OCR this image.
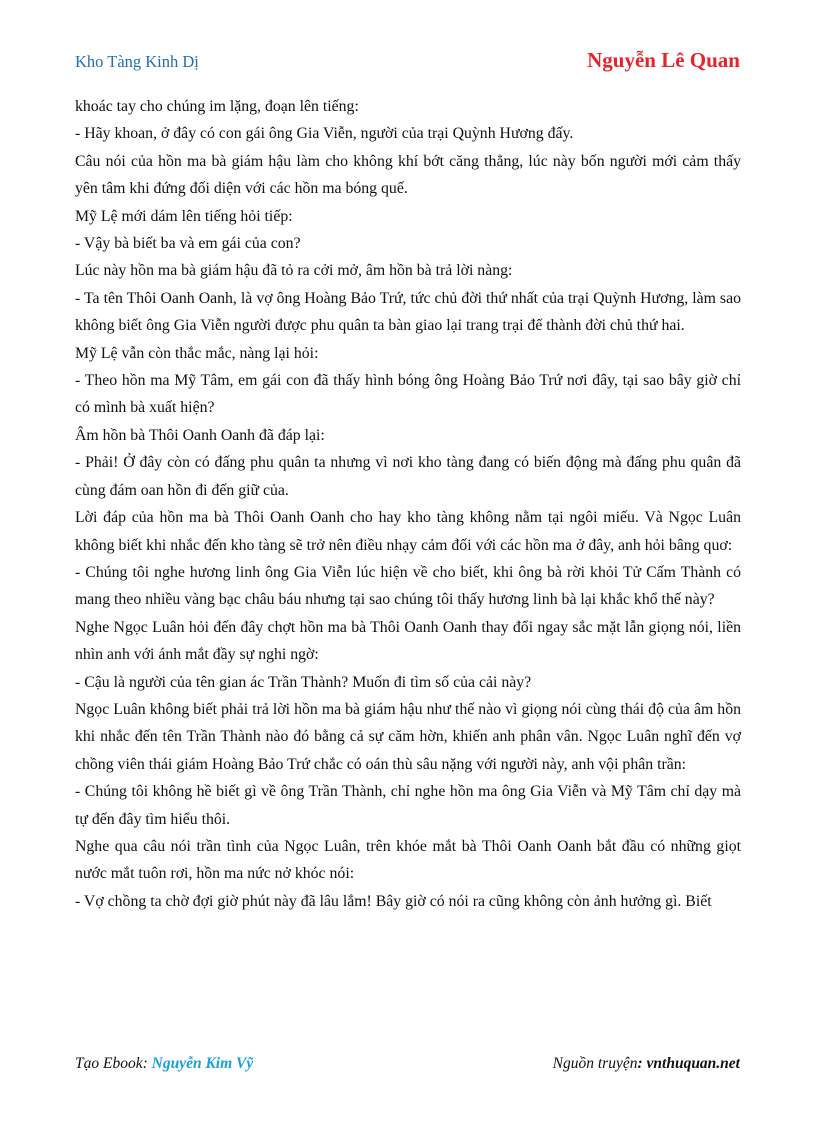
Kho Tàng Kinh Dị	Nguyễn Lê Quan

khoác tay cho chúng im lặng, đoạn lên tiếng:

- Hãy khoan, ở đây có con gái ông Gia Viễn, người của trại Quỳnh Hương đấy.

Câu nói của hồn ma bà giám hậu làm cho không khí bớt căng thẳng, lúc này bốn người mới cảm thấy yên tâm khi đứng đối diện với các hồn ma bóng quế.

Mỹ Lệ mới dám lên tiếng hỏi tiếp:

- Vậy bà biết ba và em gái của con?

Lúc này hồn ma bà giám hậu đã tỏ ra cởi mở, âm hồn bà trả lời nàng:

- Ta tên Thôi Oanh Oanh, là vợ ông Hoàng Bảo Trứ, tức chủ đời thứ nhất của trại Quỳnh Hương, làm sao không biết ông Gia Viễn người được phu quân ta bàn giao lại trang trại để thành đời chủ thứ hai.

Mỹ Lệ vẫn còn thắc mắc, nàng lại hỏi:

- Theo hồn ma Mỹ Tâm, em gái con đã thấy hình bóng ông Hoàng Bảo Trứ nơi đây, tại sao bây giờ chỉ có mình bà xuất hiện?

Âm hồn bà Thôi Oanh Oanh đã đáp lại:

- Phải! Ở đây còn có đấng phu quân ta nhưng vì nơi kho tàng đang có biến động mà đấng phu quân đã cùng đám oan hồn đi đến giữ của.

Lời đáp của hồn ma bà Thôi Oanh Oanh cho hay kho tàng không nằm tại ngôi miếu. Và Ngọc Luân không biết khi nhắc đến kho tàng sẽ trở nên điều nhạy cảm đối với các hồn ma ở đây, anh hỏi bâng quơ:

- Chúng tôi nghe hương linh ông Gia Viễn lúc hiện về cho biết, khi ông bà rời khỏi Tử Cấm Thành có mang theo nhiều vàng bạc châu báu nhưng tại sao chúng tôi thấy hương linh bà lại khắc khổ thế này?

Nghe Ngọc Luân hỏi đến đây chợt hồn ma bà Thôi Oanh Oanh thay đổi ngay sắc mặt lẫn giọng nói, liền nhìn anh với ánh mắt đầy sự nghi ngờ:

- Cậu là người của tên gian ác Trần Thành? Muốn đi tìm số của cải này?

Ngọc Luân không biết phải trả lời hồn ma bà giám hậu như thế nào vì giọng nói cùng thái độ của âm hồn khi nhắc đến tên Trần Thành nào đó bằng cả sự căm hờn, khiến anh phân vân. Ngọc Luân nghĩ đến vợ chồng viên thái giám Hoàng Bảo Trứ chắc có oán thù sâu nặng với người này, anh vội phân trần:

- Chúng tôi không hề biết gì về ông Trần Thành, chỉ nghe hồn ma ông Gia Viễn và Mỹ Tâm chỉ dạy mà tự đến đây tìm hiểu thôi.

Nghe qua câu nói trần tình của Ngọc Luân, trên khóe mắt bà Thôi Oanh Oanh bắt đầu có những giọt nước mắt tuôn rơi, hồn ma nức nở khóc nói:

- Vợ chồng ta chờ đợi giờ phút này đã lâu lắm! Bây giờ có nói ra cũng không còn ảnh hưởng gì. Biết

Tạo Ebook: Nguyễn Kim Vỹ	Nguồn truyện: vnthuquan.net
